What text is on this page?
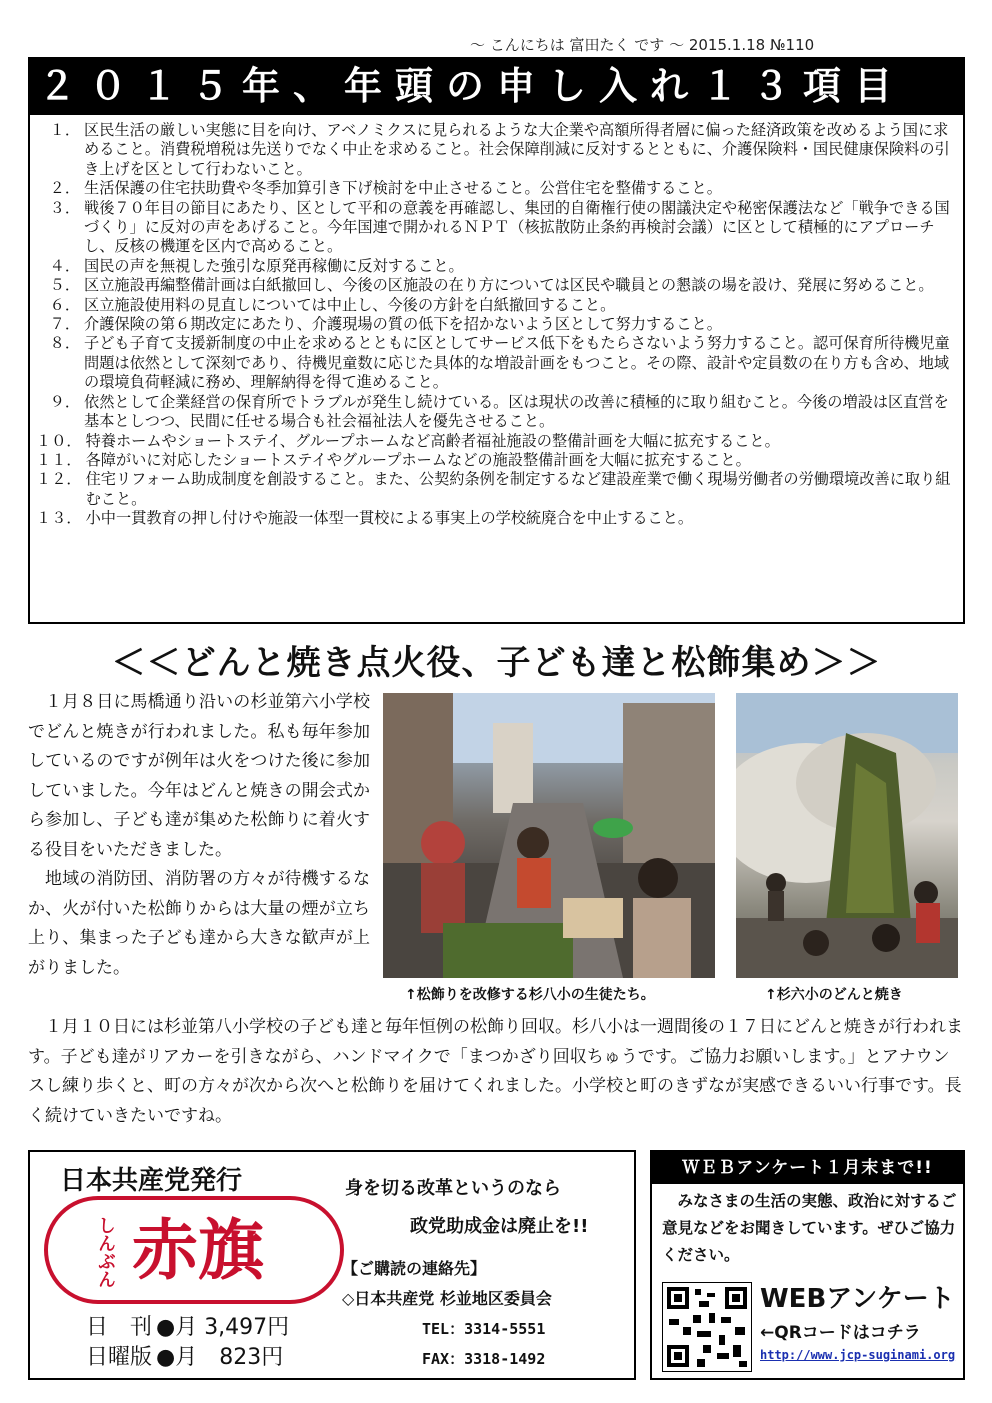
～ こんにちは 富田たく です ～ 2015.1.18 №110
２０１５年、年頭の申し入れ１３項目
１． 区民生活の厳しい実態に目を向け、アベノミクスに見られるような大企業や高額所得者層に偏った経済政策を改めるよう国に求めること。消費税増税は先送りでなく中止を求めること。社会保障削減に反対するとともに、介護保険料・国民健康保険料の引き上げを区として行わないこと。
２． 生活保護の住宅扶助費や冬季加算引き下げ検討を中止させること。公営住宅を整備すること。
３． 戦後７０年目の節目にあたり、区として平和の意義を再確認し、集団的自衛権行使の閣議決定や秘密保護法など「戦争できる国づくり」に反対の声をあげること。今年国連で開かれるＮＰＴ（核拡散防止条約再検討会議）に区として積極的にアプローチし、反核の機運を区内で高めること。
４． 国民の声を無視した強引な原発再稼働に反対すること。
５． 区立施設再編整備計画は白紙撤回し、今後の区施設の在り方については区民や職員との懇談の場を設け、発展に努めること。
６． 区立施設使用料の見直しについては中止し、今後の方針を白紙撤回すること。
７． 介護保険の第６期改定にあたり、介護現場の質の低下を招かないよう区として努力すること。
８． 子ども子育て支援新制度の中止を求めるとともに区としてサービス低下をもたらさないよう努力すること。認可保育所待機児童問題は依然として深刻であり、待機児童数に応じた具体的な増設計画をもつこと。その際、設計や定員数の在り方も含め、地域の環境負荷軽減に務め、理解納得を得て進めること。
９． 依然として企業経営の保育所でトラブルが発生し続けている。区は現状の改善に積極的に取り組むこと。今後の増設は区直営を基本としつつ、民間に任せる場合も社会福祉法人を優先させること。
１０． 特養ホームやショートステイ、グループホームなど高齢者福祉施設の整備計画を大幅に拡充すること。
１１． 各障がいに対応したショートステイやグループホームなどの施設整備計画を大幅に拡充すること。
１２． 住宅リフォーム助成制度を創設すること。また、公契約条例を制定するなど建設産業で働く現場労働者の労働環境改善に取り組むこと。
１３． 小中一貫教育の押し付けや施設一体型一貫校による事実上の学校統廃合を中止すること。
＜＜どんと焼き点火役、子ども達と松飾集め＞＞

１月８日に馬橋通り沿いの杉並第六小学校でどんと焼きが行われました。私も毎年参加しているのですが例年は火をつけた後に参加していました。今年はどんと焼きの開会式から参加し、子ども達が集めた松飾りに着火する役目をいただきました。

地域の消防団、消防署の方々が待機するなか、火が付いた松飾りからは大量の煙が立ち上り、集まった子ども達から大きな歓声が上がりました。

↑松飾りを改修する杉八小の生徒たち。	↑杉六小のどんと焼き

１月１０日には杉並第八小学校の子ども達と毎年恒例の松飾り回収。杉八小は一週間後の１７日にどんと焼きが行われます。子ども達がリアカーを引きながら、ハンドマイクで「まつかざり回収ちゅうです。ご協力お願いします。」とアナウンスし練り歩くと、町の方々が次から次へと松飾りを届けてくれました。小学校と町のきずなが実感できるいい行事です。長く続けていきたいですね。

日本共産党発行
しんぶん 赤旗
日　刊 ●月 3,497円
日曜版 ●月　823円
身を切る改革というのなら
政党助成金は廃止を!!
【ご購読の連絡先】
◇日本共産党 杉並地区委員会
TEL：3314-5551
FAX：3318-1492
ＷＥＢアンケート１月末まで!!
みなさまの生活の実態、政治に対するご意見などをお聞きしています。ぜひご協力ください。
WEBアンケート
←QRコードはコチラ
http://www.jcp-suginami.org
